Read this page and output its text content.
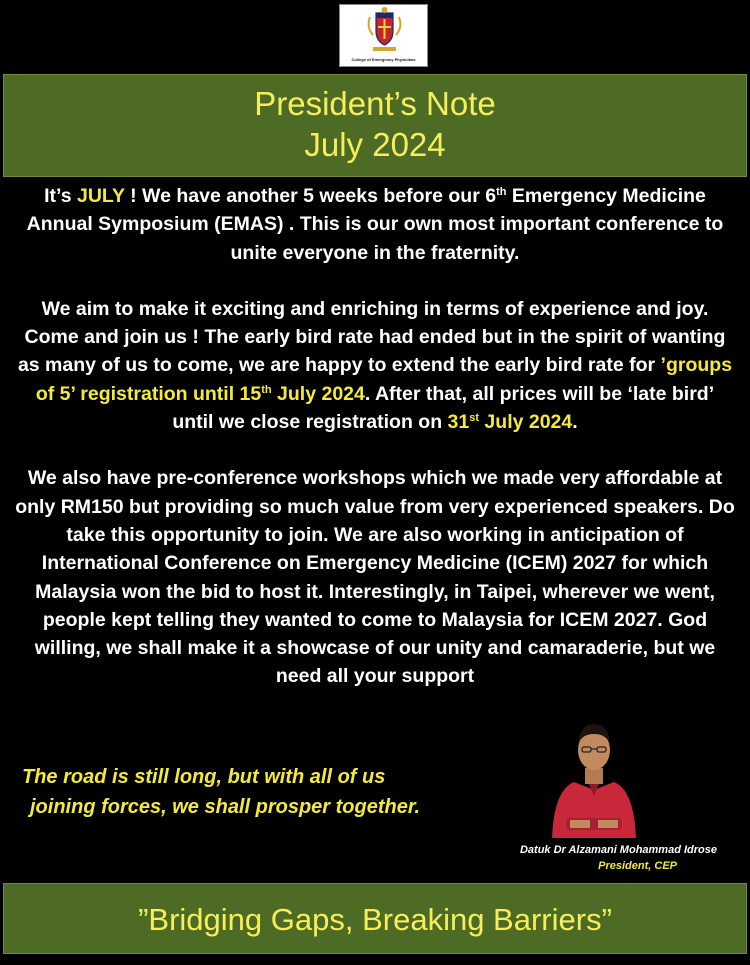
College of Emergency Physicians
President’s Note
July 2024

It’s JULY ! We have another 5 weeks before our 6th Emergency Medicine Annual Symposium (EMAS) . This is our own most important conference to unite everyone in the fraternity.

We aim to make it exciting and enriching in terms of experience and joy. Come and join us ! The early bird rate had ended but in the spirit of wanting as many of us to come, we are happy to extend the early bird rate for ’groups of 5’ registration until 15th July 2024. After that, all prices will be ‘late bird’ until we close registration on 31st July 2024.

We also have pre-conference workshops which we made very affordable at only RM150 but providing so much value from very experienced speakers. Do take this opportunity to join. We are also working in anticipation of International Conference on Emergency Medicine (ICEM) 2027 for which Malaysia won the bid to host it. Interestingly, in Taipei, wherever we went, people kept telling they wanted to come to Malaysia for ICEM 2027. God willing, we shall make it a showcase of our unity and camaraderie, but we need all your support

The road is still long, but with all of us
joining forces, we shall prosper together.
Datuk Dr Alzamani Mohammad Idrose
President, CEP
”Bridging Gaps, Breaking Barriers”
